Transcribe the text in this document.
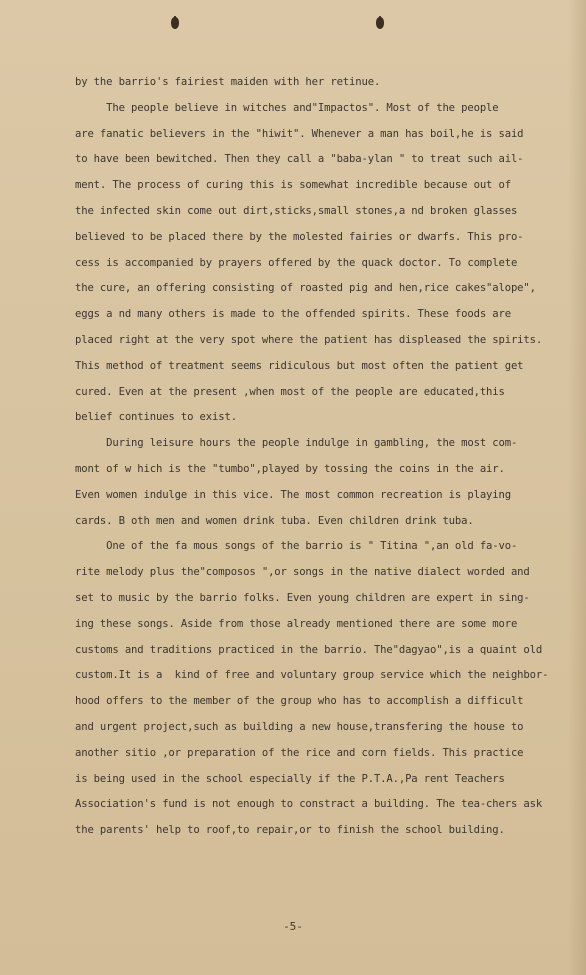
by the barrio's fairiest maiden with her retinue.
The people believe in witches and"Impactos". Most of the people
are fanatic believers in the "hiwit". Whenever a man has boil,he is said
to have been bewitched. Then they call a "baba-ylan " to treat such ail-
ment. The process of curing this is somewhat incredible because out of
the infected skin come out dirt,sticks,small stones,a nd broken glasses
believed to be placed there by the molested fairies or dwarfs. This pro-
cess is accompanied by prayers offered by the quack doctor. To complete
the cure, an offering consisting of roasted pig and hen,rice cakes"alope",
eggs a nd many others is made to the offended spirits. These foods are
placed right at the very spot where the patient has displeased the spirits.
This method of treatment seems ridiculous but most often the patient get
cured. Even at the present ,when most of the people are educated,this
belief continues to exist.
During leisure hours the people indulge in gambling, the most com-
mont of w hich is the "tumbo",played by tossing the coins in the air.
Even women indulge in this vice. The most common recreation is playing
cards. B oth men and women drink tuba. Even children drink tuba.
One of the fa mous songs of the barrio is " Titina ",an old fa-vo-
rite melody plus the"composos ",or songs in the native dialect worded and
set to music by the barrio folks. Even young children are expert in sing-
ing these songs. Aside from those already mentioned there are some more
customs and traditions practiced in the barrio. The"dagyao",is a quaint old
custom.It is a  kind of free and voluntary group service which the neighbor-
hood offers to the member of the group who has to accomplish a difficult
and urgent project,such as building a new house,transfering the house to
another sitio ,or preparation of the rice and corn fields. This practice
is being used in the school especially if the P.T.A.,Pa rent Teachers
Association's fund is not enough to constract a building. The tea-chers ask
the parents' help to roof,to repair,or to finish the school building.
-5-
